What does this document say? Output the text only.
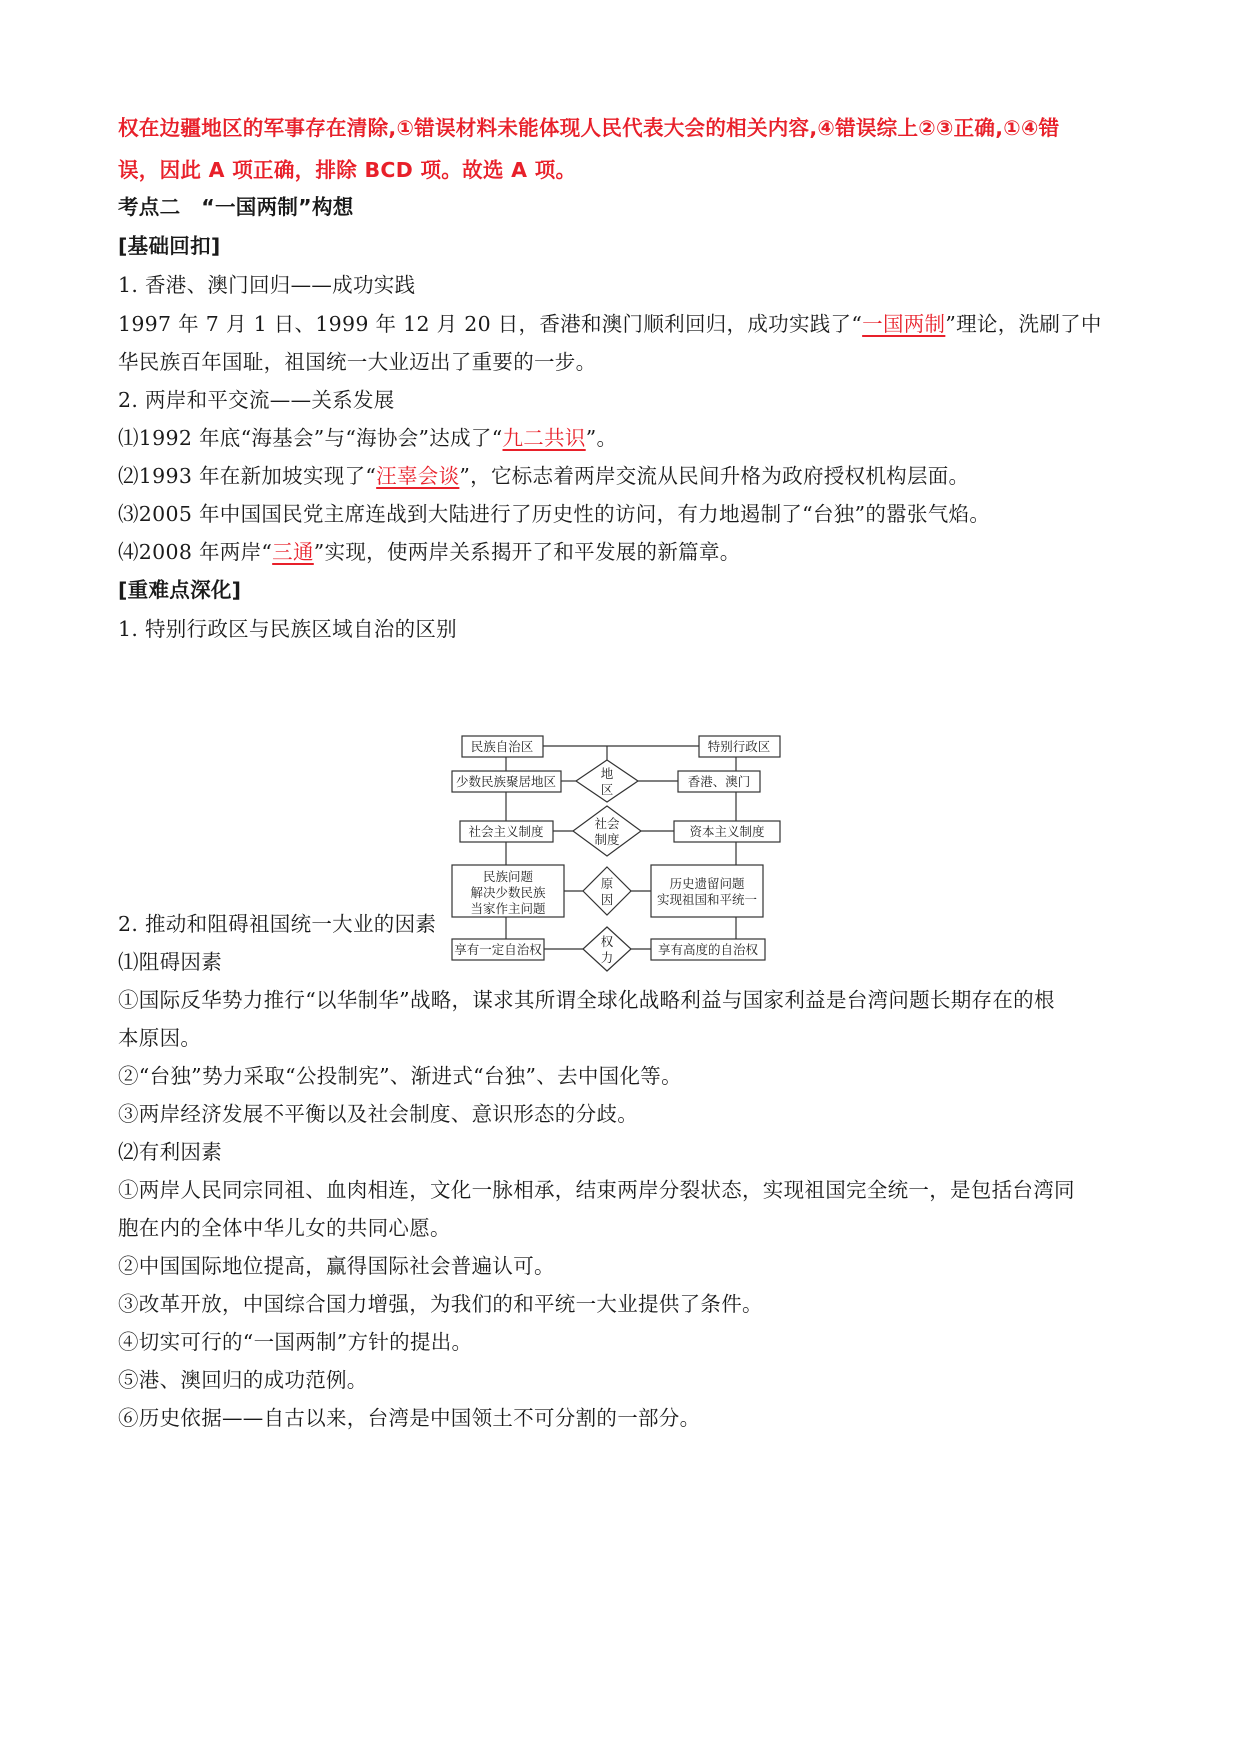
权在边疆地区的军事存在清除,①错误材料未能体现人民代表大会的相关内容,④错误综上②③正确,①④错
误，因此 A 项正确，排除 BCD 项。故选 A 项。
考点二　“一国两制”构想
[基础回扣]
1. 香港、澳门回归——成功实践
1997 年 7 月 1 日、1999 年 12 月 20 日，香港和澳门顺利回归，成功实践了“一国两制”理论，洗刷了中
华民族百年国耻，祖国统一大业迈出了重要的一步。
2. 两岸和平交流——关系发展
⑴1992 年底“海基会”与“海协会”达成了“九二共识”。
⑵1993 年在新加坡实现了“汪辜会谈”，它标志着两岸交流从民间升格为政府授权机构层面。
⑶2005 年中国国民党主席连战到大陆进行了历史性的访问，有力地遏制了“台独”的嚣张气焰。
⑷2008 年两岸“三通”实现，使两岸关系揭开了和平发展的新篇章。
[重难点深化]
1. 特别行政区与民族区域自治的区别
2. 推动和阻碍祖国统一大业的因素
⑴阻碍因素
①国际反华势力推行“以华制华”战略，谋求其所谓全球化战略利益与国家利益是台湾问题长期存在的根
本原因。
②“台独”势力采取“公投制宪”、渐进式“台独”、去中国化等。
③两岸经济发展不平衡以及社会制度、意识形态的分歧。
⑵有利因素
①两岸人民同宗同祖、血肉相连，文化一脉相承，结束两岸分裂状态，实现祖国完全统一，是包括台湾同
胞在内的全体中华儿女的共同心愿。
②中国国际地位提高，赢得国际社会普遍认可。
③改革开放，中国综合国力增强，为我们的和平统一大业提供了条件。
④切实可行的“一国两制”方针的提出。
⑤港、澳回归的成功范例。
⑥历史依据——自古以来，台湾是中国领土不可分割的一部分。
民族自治区	特别行政区
少数民族聚居地区	香港、澳门
社会主义制度	资本主义制度
民族问题
解决少数民族
当家作主问题
历史遗留问题
实现祖国和平统一
享有一定自治权	享有高度的自治权
地
区
社会
制度
原
因
权
力
